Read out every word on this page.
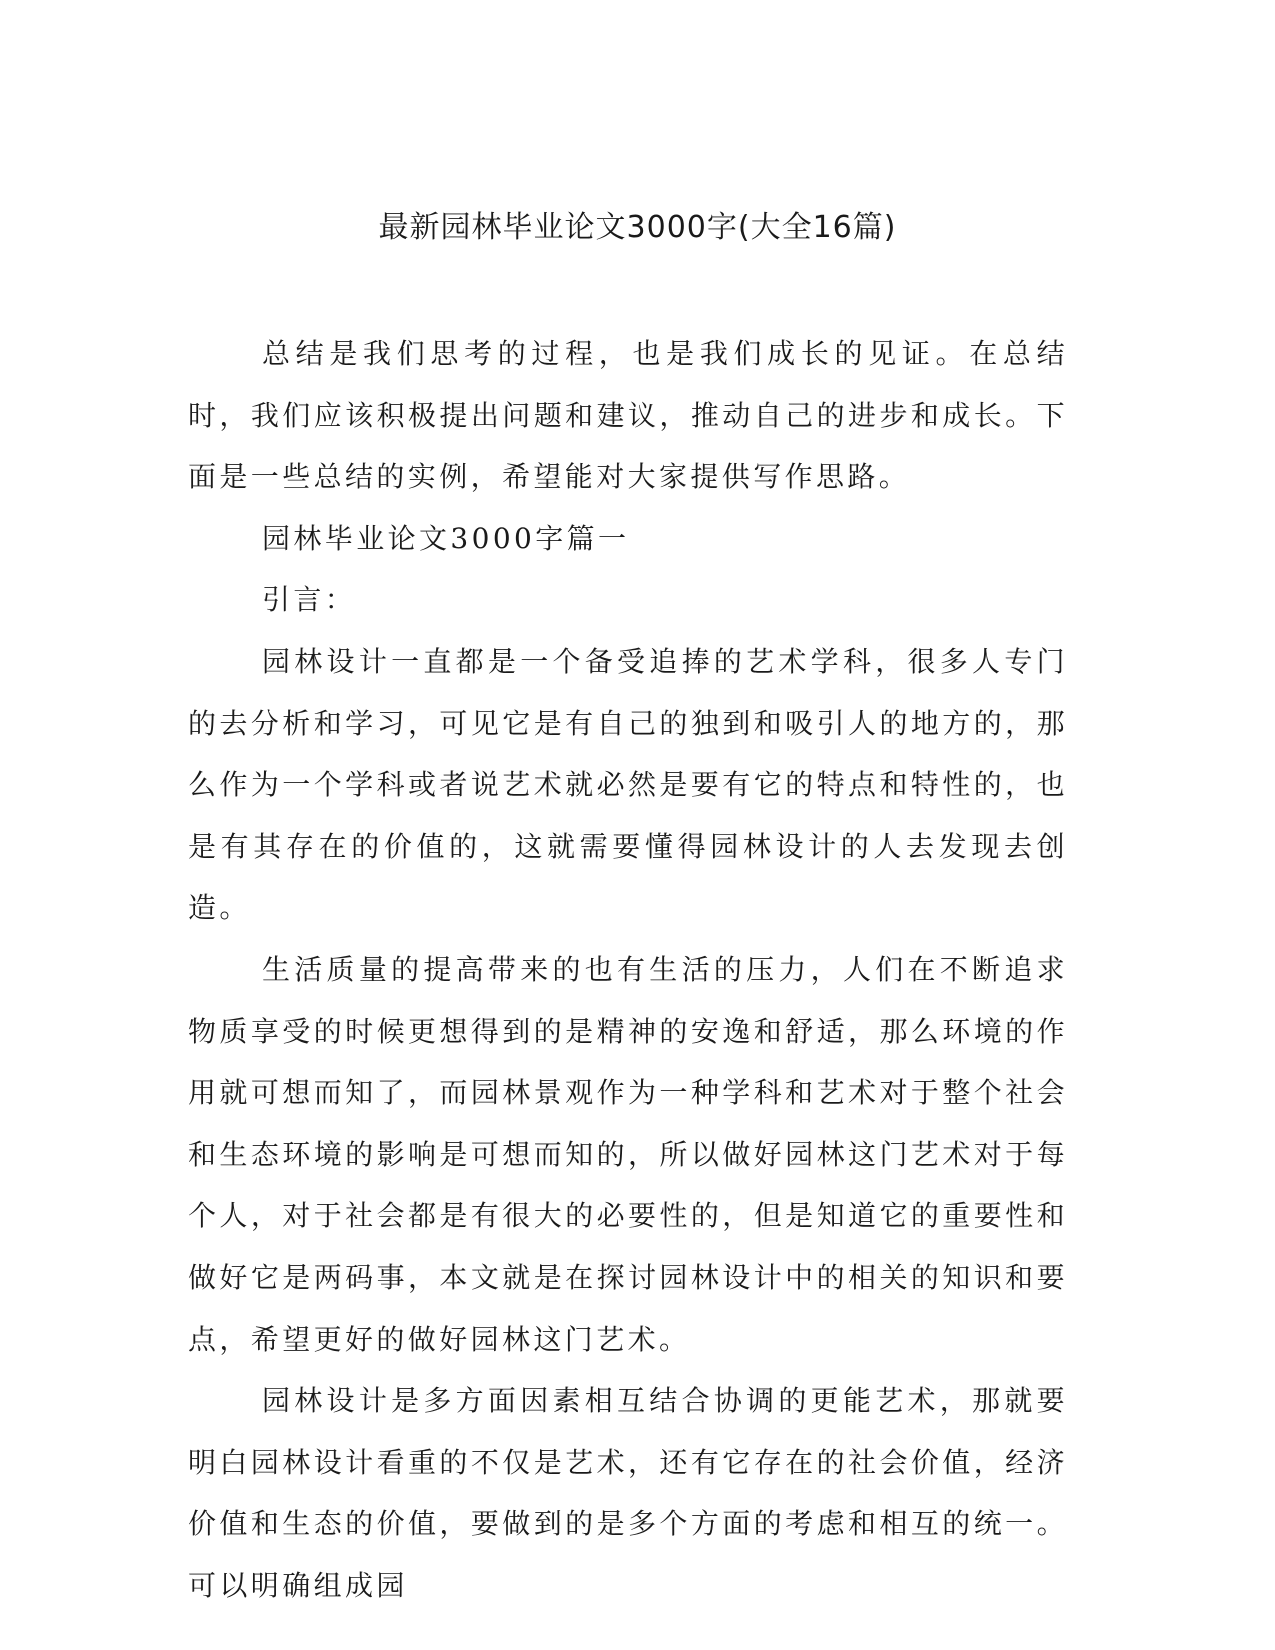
最新园林毕业论文3000字(大全16篇)

总结是我们思考的过程，也是我们成长的见证。在总结时，我们应该积极提出问题和建议，推动自己的进步和成长。下面是一些总结的实例，希望能对大家提供写作思路。

园林毕业论文3000字篇一

引言：

园林设计一直都是一个备受追捧的艺术学科，很多人专门的去分析和学习，可见它是有自己的独到和吸引人的地方的，那么作为一个学科或者说艺术就必然是要有它的特点和特性的，也是有其存在的价值的，这就需要懂得园林设计的人去发现去创造。

生活质量的提高带来的也有生活的压力，人们在不断追求物质享受的时候更想得到的是精神的安逸和舒适，那么环境的作用就可想而知了，而园林景观作为一种学科和艺术对于整个社会和生态环境的影响是可想而知的，所以做好园林这门艺术对于每个人，对于社会都是有很大的必要性的，但是知道它的重要性和做好它是两码事，本文就是在探讨园林设计中的相关的知识和要点，希望更好的做好园林这门艺术。

园林设计是多方面因素相互结合协调的更能艺术，那就要明白园林设计看重的不仅是艺术，还有它存在的社会价值，经济价值和生态的价值，要做到的是多个方面的考虑和相互的统一。可以明确组成园
